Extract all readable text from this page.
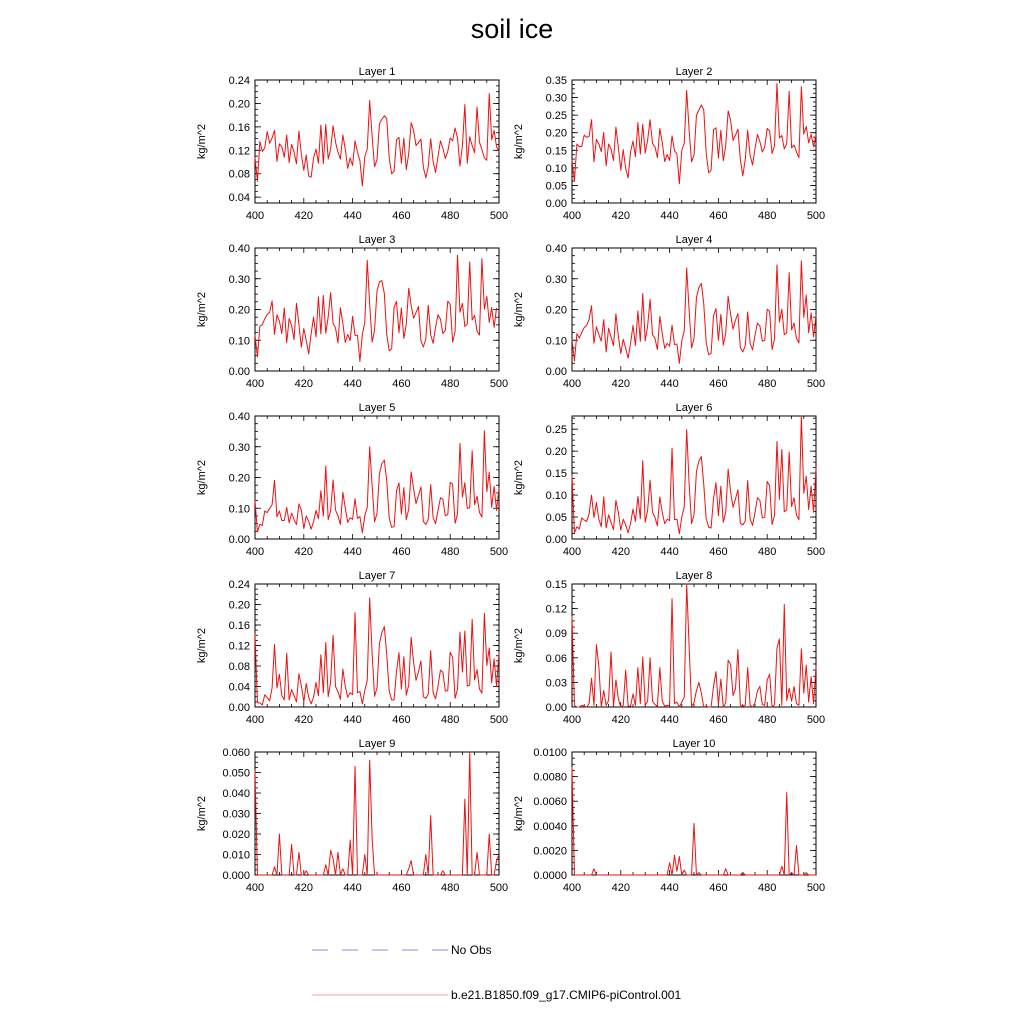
soil ice
Layer 1
kg/m^2
400	420	440	460	480	500
0.04
0.08
0.12
0.16
0.20
0.24
Layer 2
kg/m^2
400	420	440	460	480	500
0.00
0.05
0.10
0.15
0.20
0.25
0.30
0.35
Layer 3
kg/m^2
400	420	440	460	480	500
0.00
0.10
0.20
0.30
0.40
Layer 4
kg/m^2
400	420	440	460	480	500
0.00
0.10
0.20
0.30
0.40
Layer 5
kg/m^2
400	420	440	460	480	500
0.00
0.10
0.20
0.30
0.40
Layer 6
kg/m^2
400	420	440	460	480	500
0.00
0.05
0.10
0.15
0.20
0.25
Layer 7
kg/m^2
400	420	440	460	480	500
0.00
0.04
0.08
0.12
0.16
0.20
0.24
Layer 8
kg/m^2
400	420	440	460	480	500
0.00
0.03
0.06
0.09
0.12
0.15
Layer 9
kg/m^2
400	420	440	460	480	500
0.000
0.010
0.020
0.030
0.040
0.050
0.060
Layer 10
kg/m^2
400	420	440	460	480	500
0.0000
0.0020
0.0040
0.0060
0.0080
0.0100
No Obs
b.e21.B1850.f09_g17.CMIP6-piControl.001
